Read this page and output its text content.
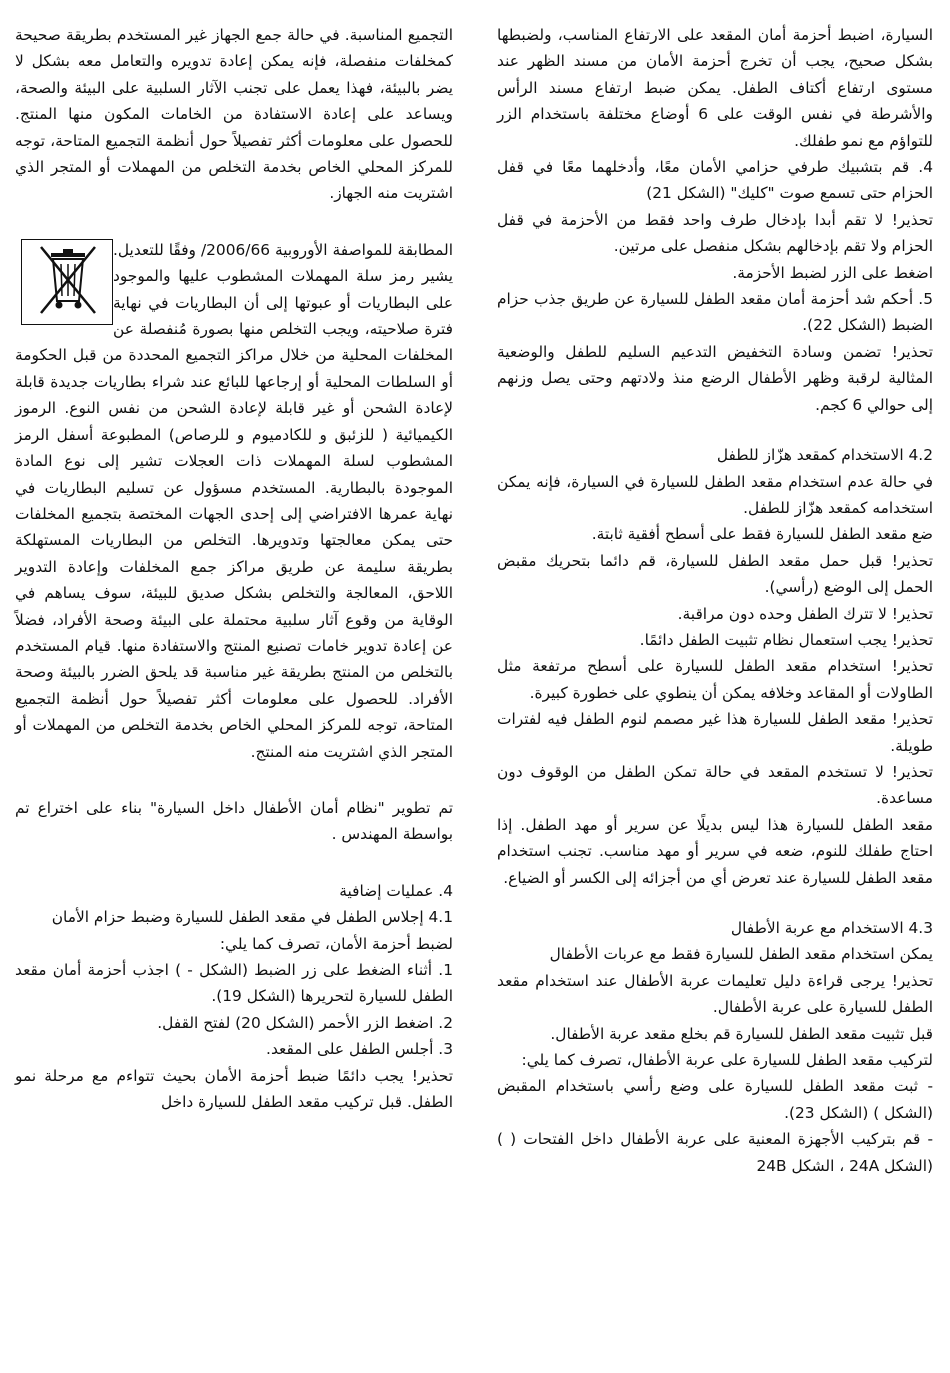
السيارة، اضبط أحزمة أمان المقعد على الارتفاع المناسب، ولضبطها بشكل صحيح، يجب أن تخرج أحزمة الأمان من مسند الظهر عند مستوى ارتفاع أكتاف الطفل. يمكن ضبط ارتفاع مسند الرأس والأشرطة في نفس الوقت على 6 أوضاع مختلفة باستخدام الزر للتواؤم مع نمو طفلك.

4. قم بتشبيك طرفي حزامي الأمان معًا، وأدخلهما معًا في قفل الحزام حتى تسمع صوت "كليك" (الشكل 21)

تحذير! لا تقم أبدا بإدخال طرف واحد فقط من الأحزمة في قفل الحزام ولا تقم بإدخالهم بشكل منفصل على مرتين.

اضغط على الزر لضبط الأحزمة.

5. أحكم شد أحزمة أمان مقعد الطفل للسيارة عن طريق جذب حزام الضبط (الشكل 22).

تحذير! تضمن وسادة التخفيض التدعيم السليم للطفل والوضعية المثالية لرقبة وظهر الأطفال الرضع منذ ولادتهم وحتى يصل وزنهم إلى حوالي 6 كجم.

4.2 الاستخدام كمقعد هزّاز للطفل

في حالة عدم استخدام مقعد الطفل للسيارة في السيارة، فإنه يمكن استخدامه كمقعد هزّاز للطفل.

ضع مقعد الطفل للسيارة فقط على أسطح أفقية ثابتة.

تحذير! قبل حمل مقعد الطفل للسيارة، قم دائما بتحريك مقبض الحمل إلى الوضع (رأسي).

تحذير! لا تترك الطفل وحده دون مراقبة.

تحذير! يجب استعمال نظام تثبيت الطفل دائمًا.

تحذير! استخدام مقعد الطفل للسيارة على أسطح مرتفعة مثل الطاولات أو المقاعد وخلافه يمكن أن ينطوي على خطورة كبيرة.

تحذير! مقعد الطفل للسيارة هذا غير مصمم لنوم الطفل فيه لفترات طويلة.

تحذير! لا تستخدم المقعد في حالة تمكن الطفل من الوقوف دون مساعدة.

مقعد الطفل للسيارة هذا ليس بديلًا عن سرير أو مهد الطفل. إذا احتاج طفلك للنوم، ضعه في سرير أو مهد مناسب. تجنب استخدام مقعد الطفل للسيارة عند تعرض أي من أجزائه إلى الكسر أو الضياع.

4.3 الاستخدام مع عربة الأطفال

يمكن استخدام مقعد الطفل للسيارة فقط مع عربات الأطفال

تحذير! يرجى قراءة دليل تعليمات عربة الأطفال عند استخدام مقعد الطفل للسيارة على عربة الأطفال.

قبل تثبيت مقعد الطفل للسيارة قم بخلع مقعد عربة الأطفال.

لتركيب مقعد الطفل للسيارة على عربة الأطفال، تصرف كما يلي:

- ثبت مقعد الطفل للسيارة على وضع رأسي باستخدام المقبض (الشكل ) (الشكل 23).

- قم بتركيب الأجهزة المعنية على عربة الأطفال داخل الفتحات ( ) (الشكل 24A ، الشكل 24B

التجميع المناسبة. في حالة جمع الجهاز غير المستخدم بطريقة صحيحة كمخلفات منفصلة، فإنه يمكن إعادة تدويره والتعامل معه بشكل لا يضر بالبيئة، فهذا يعمل على تجنب الآثار السلبية على البيئة والصحة، ويساعد على إعادة الاستفادة من الخامات المكون منها المنتج. للحصول على معلومات أكثر تفصيلاً حول أنظمة التجميع المتاحة، توجه للمركز المحلي الخاص بخدمة التخلص من المهملات أو المتجر الذي اشتريت منه الجهاز.

المطابقة للمواصفة الأوروبية 2006/66/ وفقًا للتعديل. يشير رمز سلة المهملات المشطوب عليها والموجود على البطاريات أو عبوتها إلى أن البطاريات في نهاية فترة صلاحيته، ويجب التخلص منها بصورة مُنفصلة عن المخلفات المحلية من خلال مراكز التجميع المحددة من قبل الحكومة أو السلطات المحلية أو إرجاعها للبائع عند شراء بطاريات جديدة قابلة لإعادة الشحن أو غير قابلة لإعادة الشحن من نفس النوع. الرموز الكيميائية ( للزئبق و للكادميوم و للرصاص) المطبوعة أسفل الرمز المشطوب لسلة المهملات ذات العجلات تشير إلى نوع المادة الموجودة بالبطارية. المستخدم مسؤول عن تسليم البطاريات في نهاية عمرها الافتراضي إلى إحدى الجهات المختصة بتجميع المخلفات حتى يمكن معالجتها وتدويرها. التخلص من البطاريات المستهلكة بطريقة سليمة عن طريق مراكز جمع المخلفات وإعادة التدوير اللاحق، المعالجة والتخلص بشكل صديق للبيئة، سوف يساهم في الوقاية من وقوع آثار سلبية محتملة على البيئة وصحة الأفراد، فضلاً عن إعادة تدوير خامات تصنيع المنتج والاستفادة منها. قيام المستخدم بالتخلص من المنتج بطريقة غير مناسبة قد يلحق الضرر بالبيئة وصحة الأفراد. للحصول على معلومات أكثر تفصيلاً حول أنظمة التجميع المتاحة، توجه للمركز المحلي الخاص بخدمة التخلص من المهملات أو المتجر الذي اشتريت منه المنتج.

تم تطوير "نظام أمان الأطفال داخل السيارة" بناء على اختراع تم بواسطة المهندس .

4. عمليات إضافية

4.1 إجلاس الطفل في مقعد الطفل للسيارة وضبط حزام الأمان

لضبط أحزمة الأمان، تصرف كما يلي:

1. أثناء الضغط على زر الضبط (الشكل - ) اجذب أحزمة أمان مقعد الطفل للسيارة لتحريرها (الشكل 19).

2. اضغط الزر الأحمر (الشكل 20) لفتح القفل.

3. أجلس الطفل على المقعد.

تحذير! يجب دائمًا ضبط أحزمة الأمان بحيث تتواءم مع مرحلة نمو الطفل. قبل تركيب مقعد الطفل للسيارة داخل
